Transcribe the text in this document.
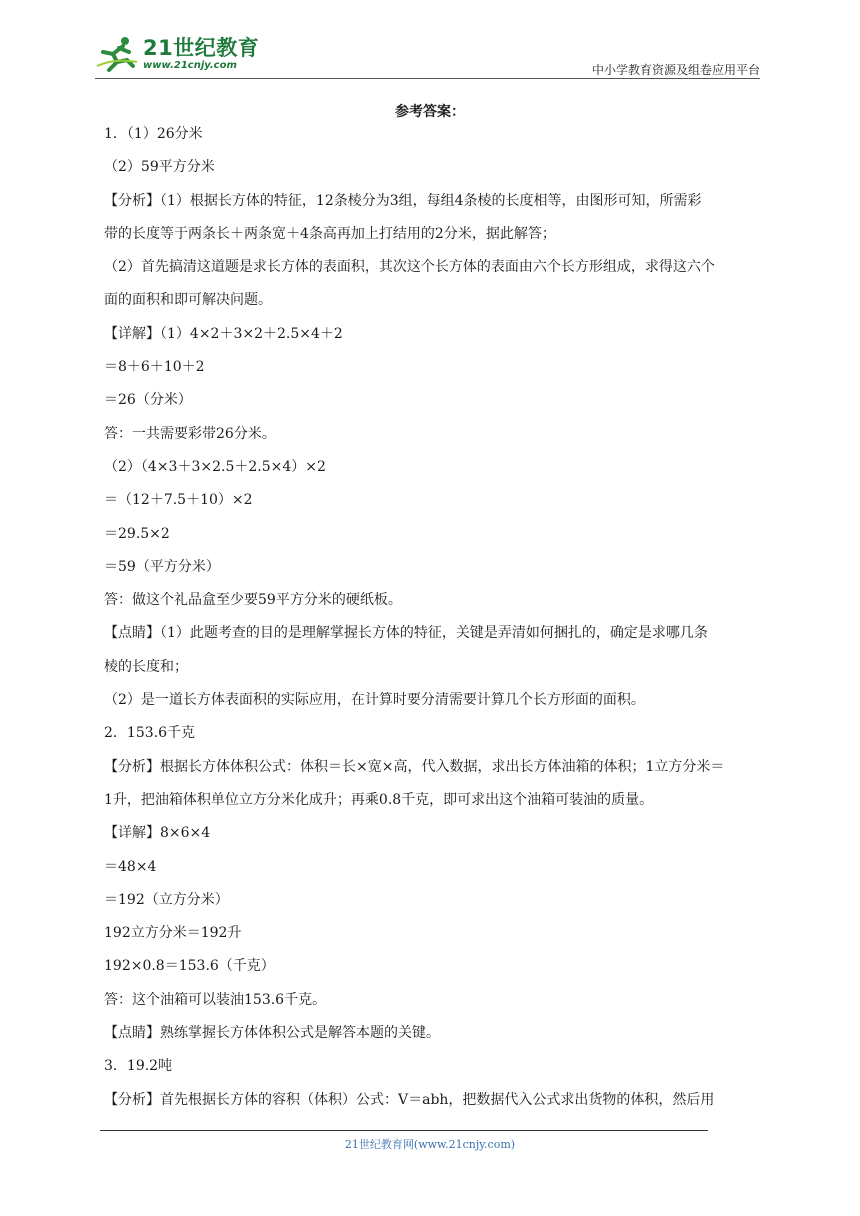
21世纪教育
www.21cnjy.com	中小学教育资源及组卷应用平台
参考答案：
1．（1）26分米
（2）59平方分米
【分析】（1）根据长方体的特征，12条棱分为3组，每组4条棱的长度相等，由图形可知，所需彩
带的长度等于两条长＋两条宽＋4条高再加上打结用的2分米，据此解答；
（2）首先搞清这道题是求长方体的表面积，其次这个长方体的表面由六个长方形组成，求得这六个
面的面积和即可解决问题。
【详解】（1）4×2＋3×2＋2.5×4＋2
＝8＋6＋10＋2
＝26（分米）
答：一共需要彩带26分米。
（2）（4×3＋3×2.5＋2.5×4）×2
＝（12＋7.5＋10）×2
＝29.5×2
＝59（平方分米）
答：做这个礼品盒至少要59平方分米的硬纸板。
【点睛】（1）此题考查的目的是理解掌握长方体的特征，关键是弄清如何捆扎的，确定是求哪几条
棱的长度和；
（2）是一道长方体表面积的实际应用，在计算时要分清需要计算几个长方形面的面积。
2．153.6千克
【分析】根据长方体体积公式：体积＝长×宽×高，代入数据，求出长方体油箱的体积；1立方分米＝
1升，把油箱体积单位立方分米化成升；再乘0.8千克，即可求出这个油箱可装油的质量。
【详解】8×6×4
＝48×4
＝192（立方分米）
192立方分米＝192升
192×0.8＝153.6（千克）
答：这个油箱可以装油153.6千克。
【点睛】熟练掌握长方体体积公式是解答本题的关键。
3．19.2吨
【分析】首先根据长方体的容积（体积）公式：V＝abh，把数据代入公式求出货物的体积，然后用
21世纪教育网(www.21cnjy.com)
